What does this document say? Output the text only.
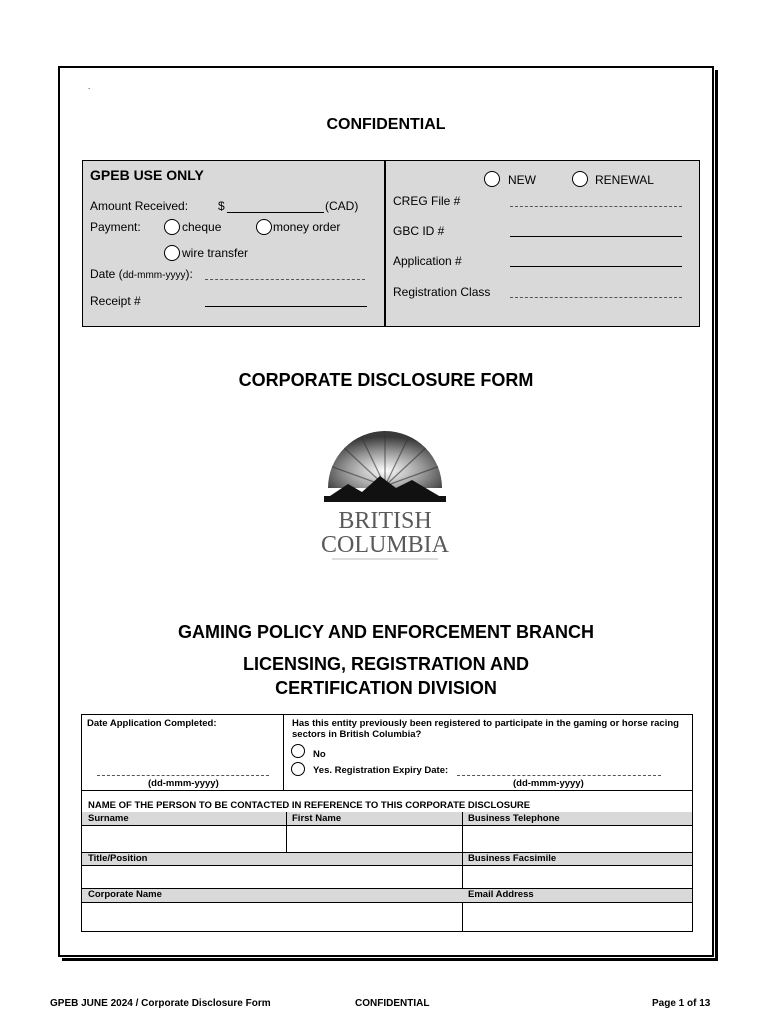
.
CONFIDENTIAL
GPEB USE ONLY
Amount Received: $	(CAD)
Payment:	cheque	money order
wire transfer
Date (dd-mmm-yyyy):
Receipt #
NEW	RENEWAL
CREG File #
GBC ID #
Application #
Registration Class
CORPORATE DISCLOSURE FORM
BRITISH
COLUMBIA
GAMING POLICY AND ENFORCEMENT BRANCH
LICENSING, REGISTRATION AND
CERTIFICATION DIVISION
Date Application Completed:
(dd-mmm-yyyy)
Has this entity previously been registered to participate in the gaming or horse racing sectors in British Columbia?
No
Yes. Registration Expiry Date:
(dd-mmm-yyyy)
NAME OF THE PERSON TO BE CONTACTED IN REFERENCE TO THIS CORPORATE DISCLOSURE
Surname	First Name	Business Telephone
Title/Position	Business Facsimile
Corporate Name	Email Address
GPEB JUNE 2024 / Corporate Disclosure Form	CONFIDENTIAL	Page 1 of 13
